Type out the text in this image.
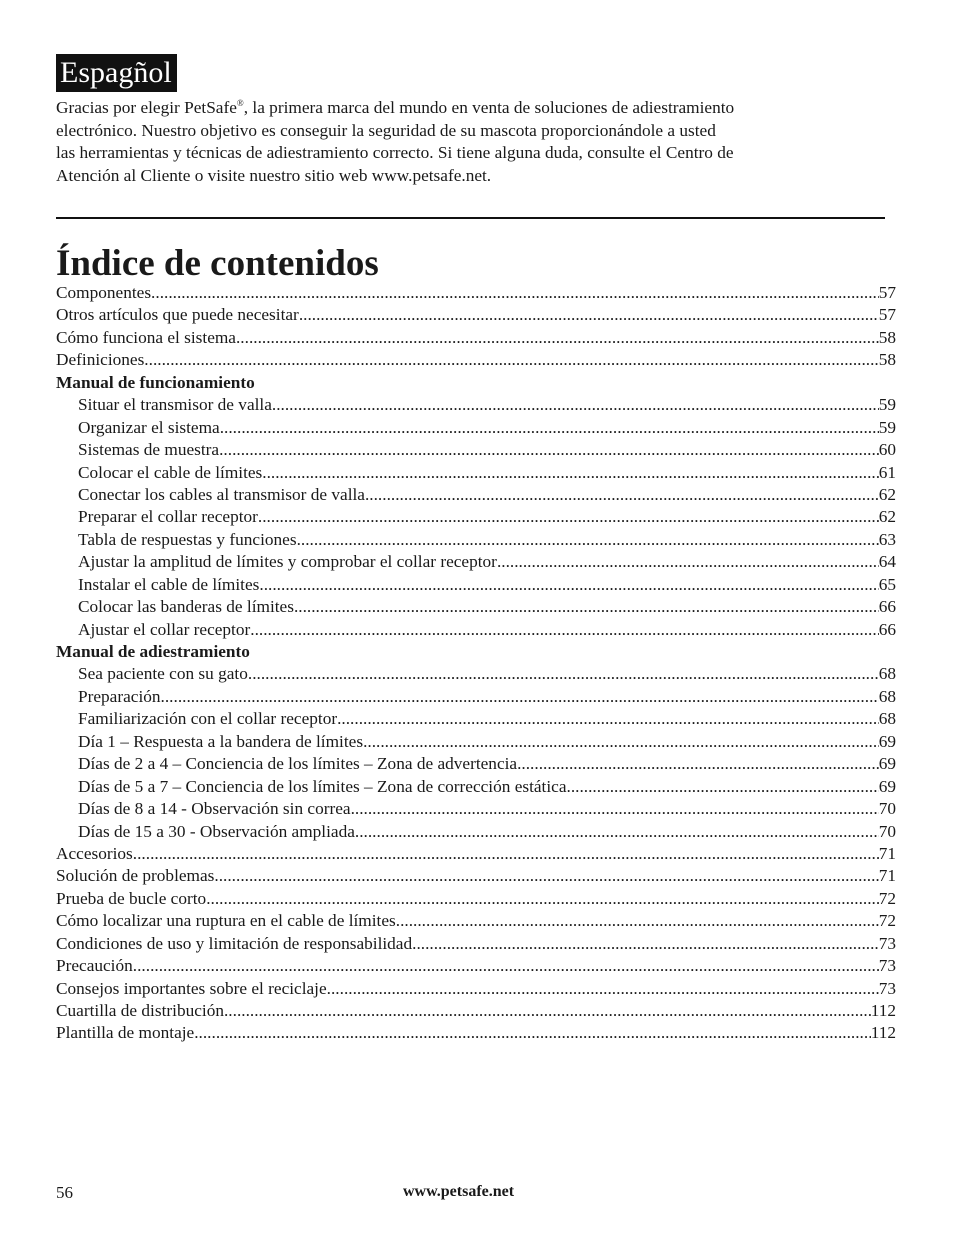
Espagñol

Gracias por elegir PetSafe®, la primera marca del mundo en venta de soluciones de adiestramiento
electrónico. Nuestro objetivo es conseguir la seguridad de su mascota proporcionándole a usted
las herramientas y técnicas de adiestramiento correcto. Si tiene alguna duda, consulte el Centro de
Atención al Cliente o visite nuestro sitio web www.petsafe.net.

Índice de contenidos
Componentes .....	57
Otros artículos que puede necesitar .....	57
Cómo funciona el sistema .....	58
Definiciones .....	58
Manual de funcionamiento
Situar el transmisor de valla .....	59
Organizar el sistema .....	59
Sistemas de muestra .....	60
Colocar el cable de límites .....	61
Conectar los cables al transmisor de valla .....	62
Preparar el collar receptor .....	62
Tabla de respuestas y funciones .....	63
Ajustar la amplitud de límites y comprobar el collar receptor .....	64
Instalar el cable de límites .....	65
Colocar las banderas de límites .....	66
Ajustar el collar receptor .....	66
Manual de adiestramiento
Sea paciente con su gato .....	68
Preparación .....	68
Familiarización con el collar receptor .....	68
Día 1 – Respuesta a la bandera de límites .....	69
Días de 2 a 4 – Conciencia de los límites – Zona de advertencia .....	69
Días de 5 a 7 – Conciencia de los límites – Zona de corrección estática .....	69
Días de 8 a 14 - Observación sin correa .....	70
Días de 15 a 30 - Observación ampliada .....	70
Accesorios .....	71
Solución de problemas .....	71
Prueba de bucle corto .....	72
Cómo localizar una ruptura en el cable de límites .....	72
Condiciones de uso y limitación de responsabilidad .....	73
Precaución .....	73
Consejos importantes sobre el reciclaje .....	73
Cuartilla de distribución .....	112
Plantilla de montaje .....	112
56	www.petsafe.net
